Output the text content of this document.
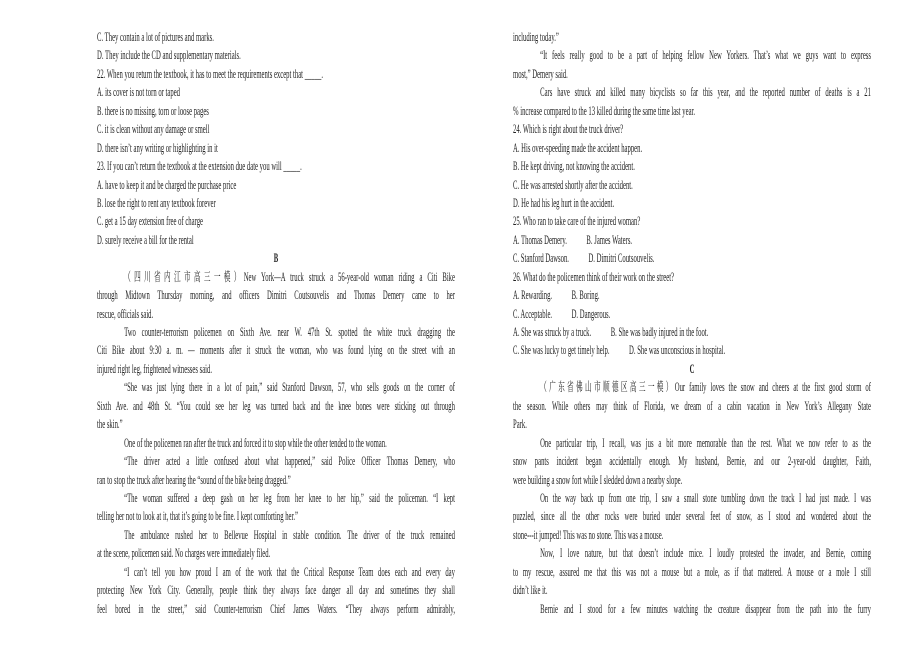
C. They contain a lot of pictures and marks.
D. They include the CD and supplementary materials.
22. When you return the textbook, it has to meet the requirements except that _____.
A. its cover is not torn or taped
B. there is no missing, torn or loose pages
C. it is clean without any damage or smell
D. there isn’t any writing or highlighting in it
23. If you can’t return the textbook at the extension due date you will _____.
A. have to keep it and be charged the purchase price
B. lose the right to rent any textbook forever
C. get a 15 day extension free of charge
D. surely receive a bill for the rental
B
（四川省内江市高三一模）New York—A truck struck a 56-year-old woman riding a Citi Bike
through Midtown Thursday morning, and officers Dimitri Coutsouvelis and Thomas Demery came to her
rescue, officials said.
Two counter-terrorism policemen on Sixth Ave. near W. 47th St. spotted the white truck dragging the
Citi Bike about 9:30 a. m. — moments after it struck the woman, who was found lying on the street with an
injured right leg, frightened witnesses said.
“She was just lying there in a lot of pain,” said Stanford Dawson, 57, who sells goods on the corner of
Sixth Ave. and 48th St. “You could see her leg was turned back and the knee bones were sticking out through
the skin.”
One of the policemen ran after the truck and forced it to stop while the other tended to the woman.
“The driver acted a little confused about what happened,” said Police Officer Thomas Demery, who
ran to stop the truck after hearing the “sound of the bike being dragged.”
“The woman suffered a deep gash on her leg from her knee to her hip,” said the policeman. “I kept
telling her not to look at it, that it’s going to be fine. I kept comforting her.”
The ambulance rushed her to Bellevue Hospital in stable condition. The driver of the truck remained
at the scene, policemen said. No charges were immediately filed.
“I can’t tell you how proud I am of the work that the Critical Response Team does each and every day
protecting New York City. Generally, people think they always face danger all day and sometimes they shall
feel bored in the street,” said Counter-terrorism Chief James Waters. “They always perform admirably,
including today.”
“It feels really good to be a part of helping fellow New Yorkers. That’s what we guys want to express
most,” Demery said.
Cars have struck and killed many bicyclists so far this year, and the reported number of deaths is a 21
% increase compared to the 13 killed during the same time last year.
24. Which is right about the truck driver?
A. His over-speeding made the accident happen.
B. He kept driving, not knowing the accident.
C. He was arrested shortly after the accident.
D. He had his leg hurt in the accident.
25. Who ran to take care of the injured woman?
A. Thomas Demery. B. James Waters.
C. Stanford Dawson. D. Dimitri Coutsouvelis.
26. What do the policemen think of their work on the street?
A. Rewarding. B. Boring.
C. Acceptable. D. Dangerous.
A. She was struck by a truck. B. She was badly injured in the foot.
C. She was lucky to get timely help. D. She was unconscious in hospital.
C
（广东省佛山市顺德区高三一模）Our family loves the snow and cheers at the first good storm of
the season. While others may think of Florida, we dream of a cabin vacation in New York’s Allegany State
Park.
One particular trip, I recall, was jus a bit more memorable than the rest. What we now refer to as the
snow pants incident began accidentally enough. My husband, Bernie, and our 2-year-old daughter, Faith,
were building a snow fort while I sledded down a nearby slope.
On the way back up from one trip, I saw a small stone tumbling down the track I had just made. I was
puzzled, since all the other rocks were buried under several feet of snow, as I stood and wondered about the
stone---it jumped! This was no stone. This was a mouse.
Now, I love nature, but that doesn’t include mice. I loudly protested the invader, and Bernie, coming
to my rescue, assured me that this was not a mouse but a mole, as if that mattered. A mouse or a mole I still
didn’t like it.
Bernie and I stood for a few minutes watching the creature disappear from the path into the furry
